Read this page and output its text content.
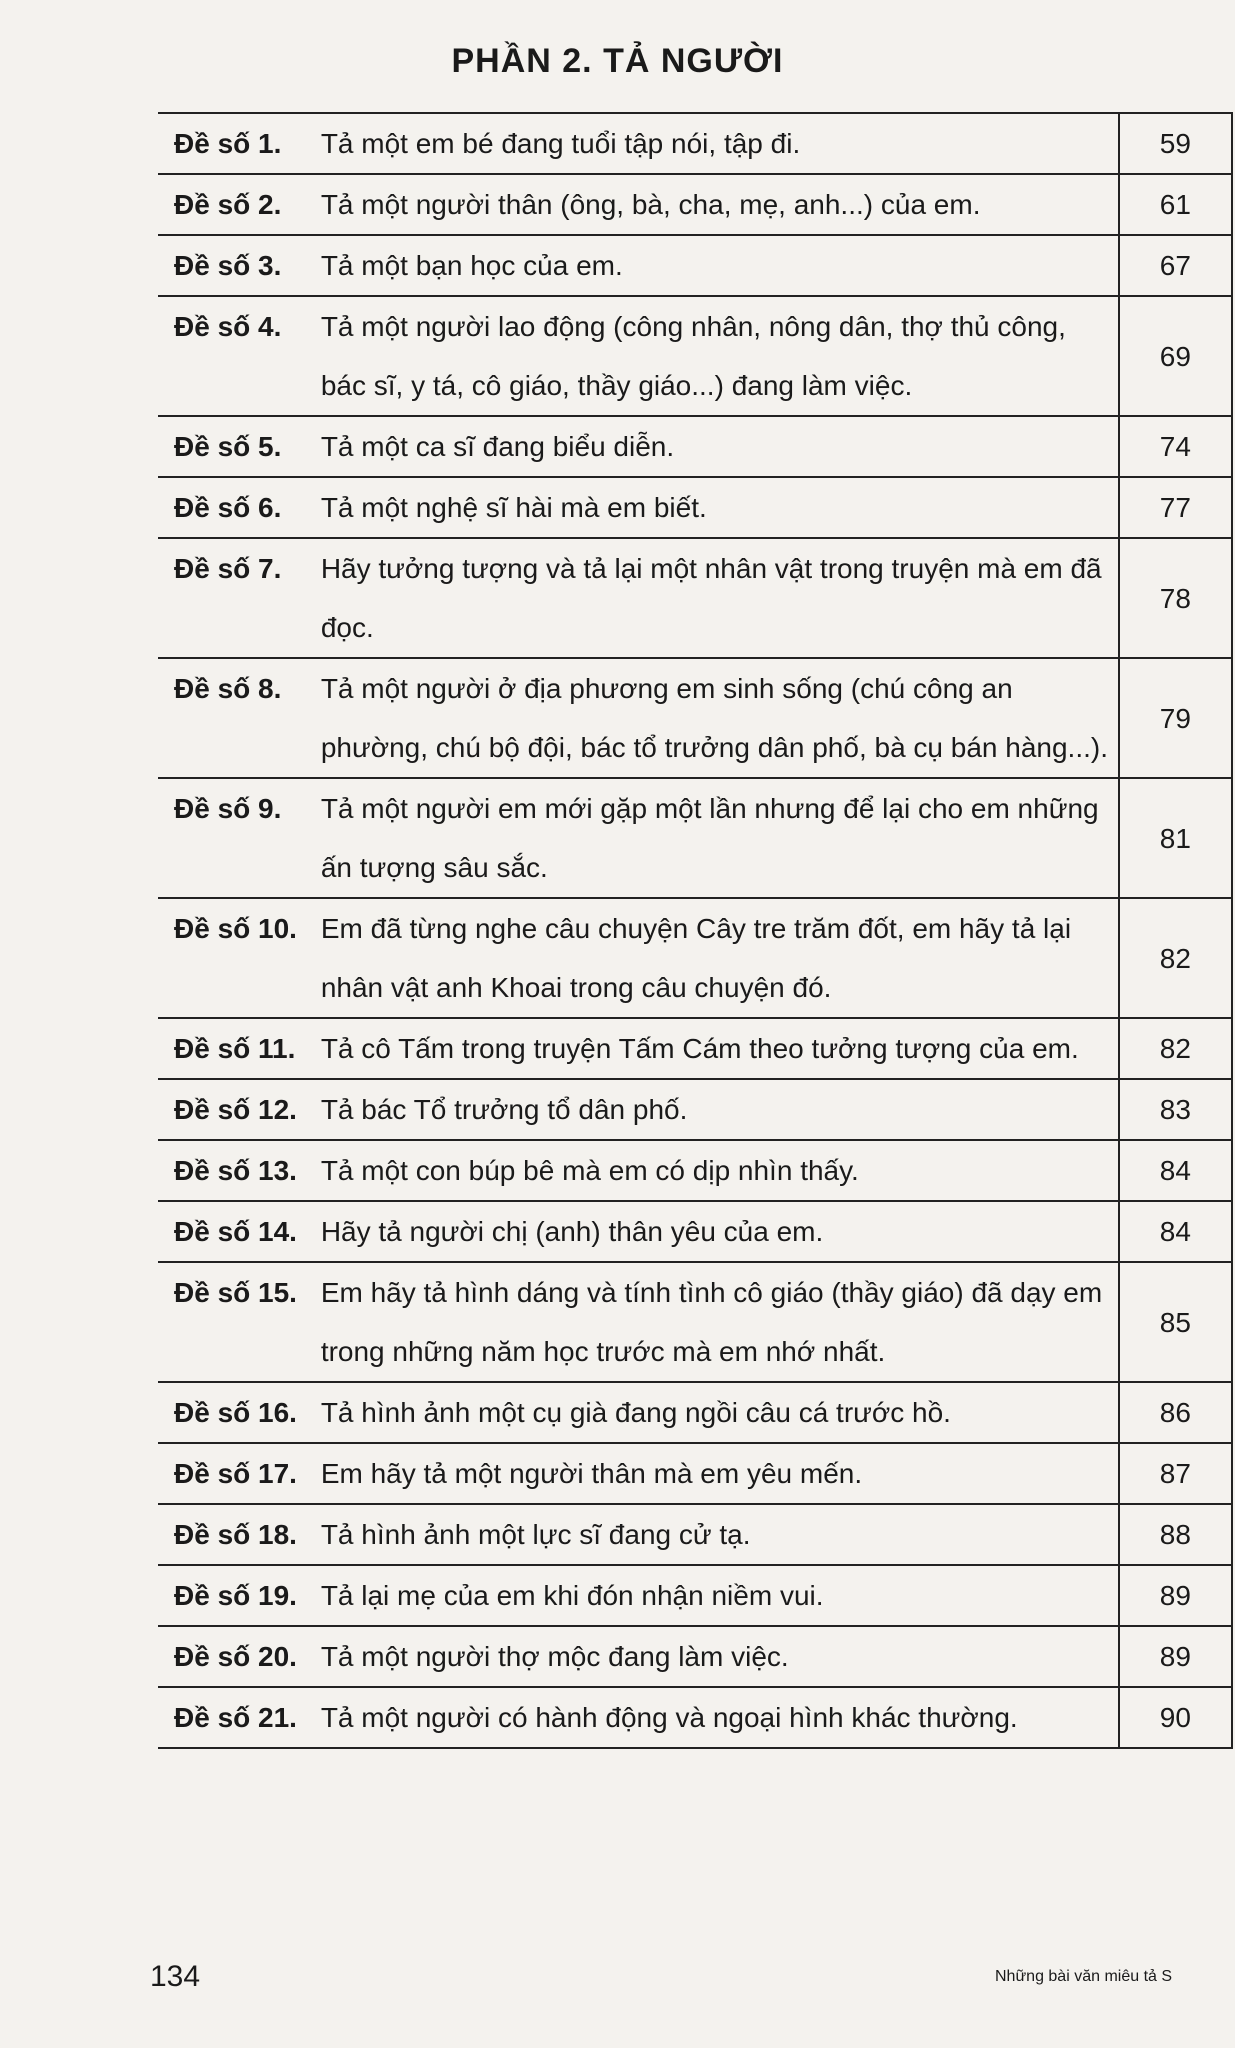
PHẦN 2. TẢ NGƯỜI
Đề số 1.	Tả một em bé đang tuổi tập nói, tập đi.	59
Đề số 2.	Tả một người thân (ông, bà, cha, mẹ, anh...) của em.	61
Đề số 3.	Tả một bạn học của em.	67
Đề số 4.	Tả một người lao động (công nhân, nông dân, thợ thủ công, bác sĩ, y tá, cô giáo, thầy giáo...) đang làm việc.	69
Đề số 5.	Tả một ca sĩ đang biểu diễn.	74
Đề số 6.	Tả một nghệ sĩ hài mà em biết.	77
Đề số 7.	Hãy tưởng tượng và tả lại một nhân vật trong truyện mà em đã đọc.	78
Đề số 8.	Tả một người ở địa phương em sinh sống (chú công an phường, chú bộ đội, bác tổ trưởng dân phố, bà cụ bán hàng...).	79
Đề số 9.	Tả một người em mới gặp một lần nhưng để lại cho em những ấn tượng sâu sắc.	81
Đề số 10.	Em đã từng nghe câu chuyện Cây tre trăm đốt, em hãy tả lại nhân vật anh Khoai trong câu chuyện đó.	82
Đề số 11.	Tả cô Tấm trong truyện Tấm Cám theo tưởng tượng của em.	82
Đề số 12.	Tả bác Tổ trưởng tổ dân phố.	83
Đề số 13.	Tả một con búp bê mà em có dịp nhìn thấy.	84
Đề số 14.	Hãy tả người chị (anh) thân yêu của em.	84
Đề số 15.	Em hãy tả hình dáng và tính tình cô giáo (thầy giáo) đã dạy em trong những năm học trước mà em nhớ nhất.	85
Đề số 16.	Tả hình ảnh một cụ già đang ngồi câu cá trước hồ.	86
Đề số 17.	Em hãy tả một người thân mà em yêu mến.	87
Đề số 18.	Tả hình ảnh một lực sĩ đang cử tạ.	88
Đề số 19.	Tả lại mẹ của em khi đón nhận niềm vui.	89
Đề số 20.	Tả một người thợ mộc đang làm việc.	89
Đề số 21.	Tả một người có hành động và ngoại hình khác thường.	90
134	Những bài văn miêu tả S
